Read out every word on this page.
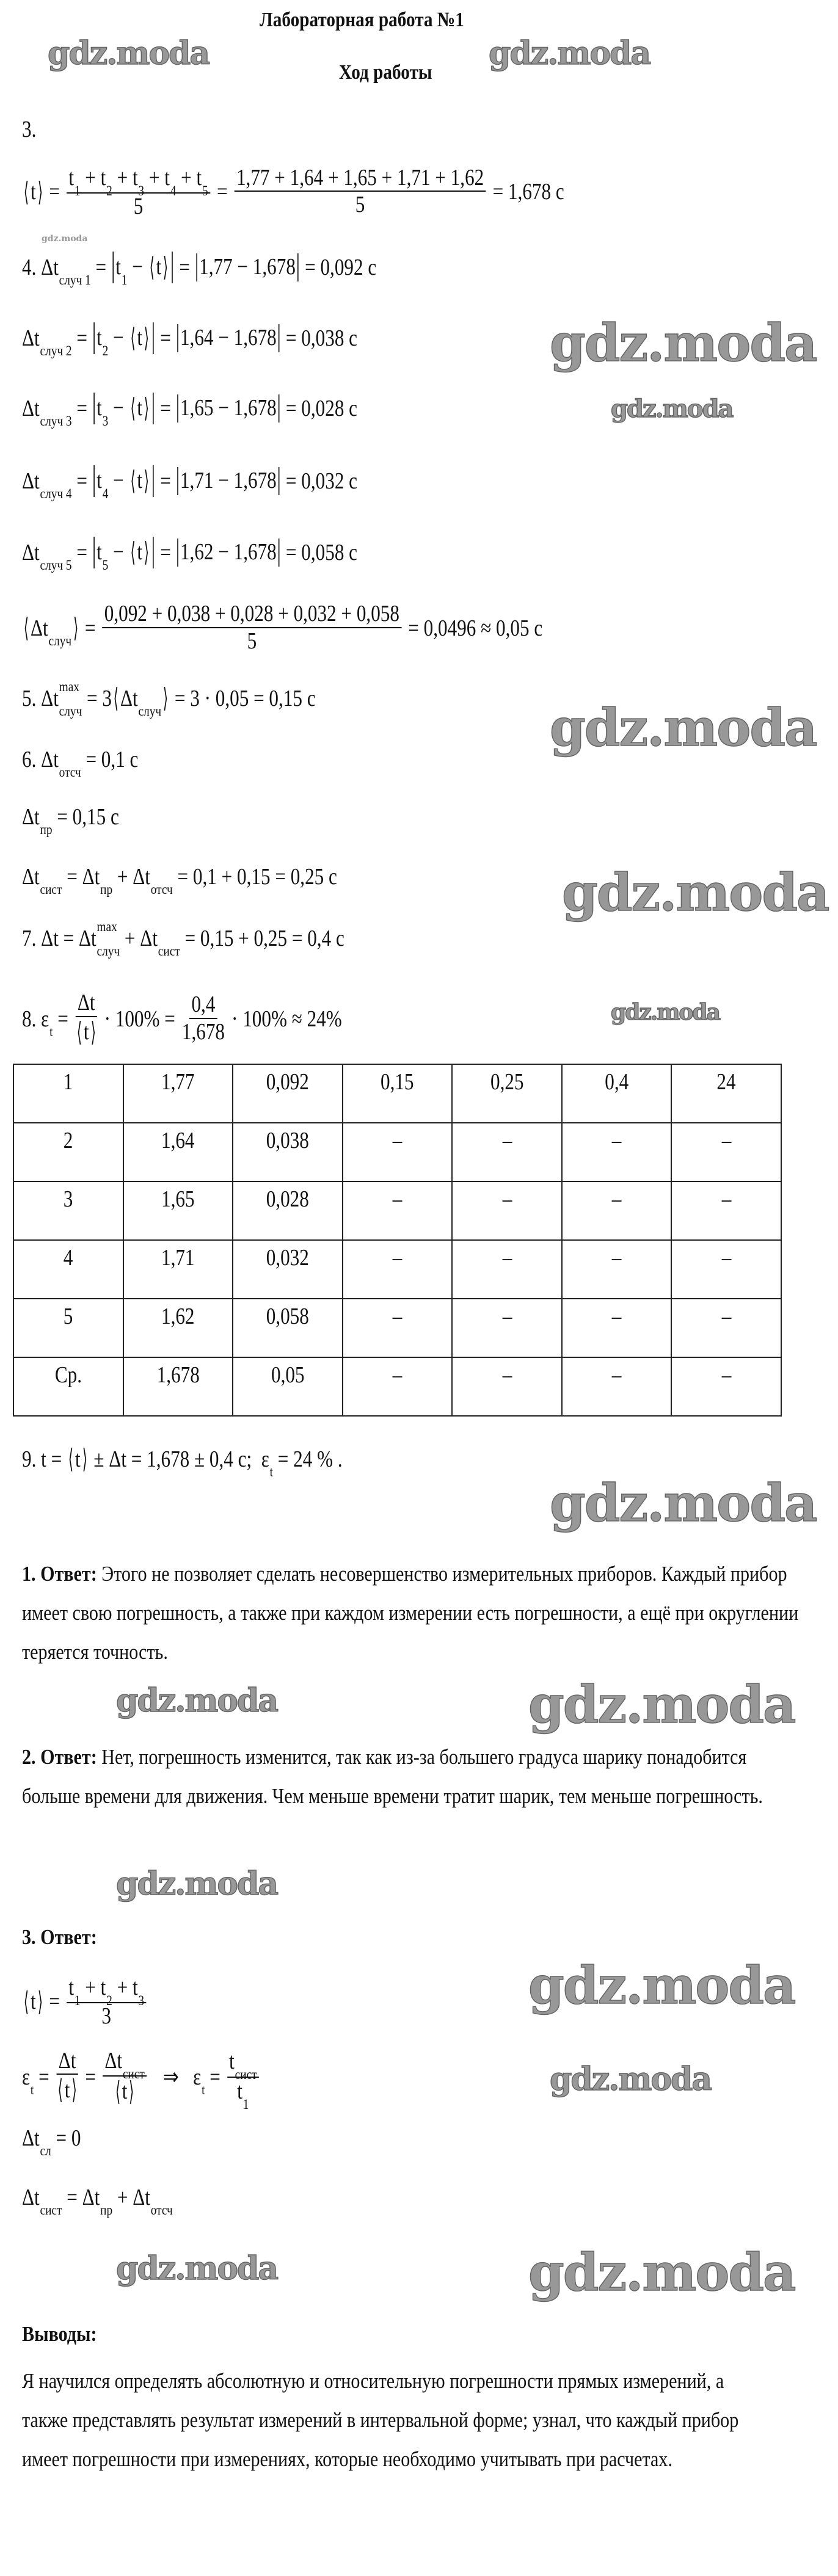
Лабораторная работа №1
Ход работы
3.
⟨ t ⟩ = t

1
+ t

2
+ t

3
+ t

4
+ t

5
$5 = \frac{1,77 + 1,64 + 1,65 + 1,71 + 1,62}{5} = 1,678$ с
4. Δt
случ 1 = t

1
− ⟨ t ⟩ = 1,77 − 1,678 = 0,092 с
Δt
случ 2 = t

2
− ⟨ t ⟩ = 1,64 − 1,678 = 0,038 с
Δt
случ 3 = t

3
− ⟨ t ⟩ = 1,65 − 1,678 = 0,028 с
Δt
случ 4 = t

4
− ⟨ t ⟩ = 1,71 − 1,678 = 0,032 с
Δt
случ 5 = t

5
− ⟨ t ⟩ = 1,62 − 1,678 = 0,058 с
⟨ Δt
случ ⟩ = $\frac{0,092 + 0,038 + 0,028 + 0,032 + 0,058}{5} = 0,0496 \approx 0,05$ с
5. Δt max
случ = 3 ⟨ Δt
случ ⟩ = 3 · 0,05 = 0,15 с
6. Δt
отсч = 0,1 с
Δt
пр = 0,15 с
Δt
сист = Δt
пр + Δt
отсч = 0,1 + 0,15 = 0,25 с
7. Δt = Δt max
случ + Δt
сист = 0,15 + 0,25 = 0,4 с
8. ε
$t = \frac{\Delta t}{⟨ t ⟩} \cdot 100\% = \frac{0,4}{1,678} \cdot 100\% \approx 24\%$
1	1,77	0,092	0,15	0,25	0,4	24
2	1,64	0,038	–	–	–	–
3	1,65	0,028	–	–	–	–
4	1,71	0,032	–	–	–	–
5	1,62	0,058	–	–	–	–
Ср.	1,678	0,05	–	–	–	–
9. t = ⟨ t ⟩ ± Δt = 1,678 ± 0,4 с; ε
t = 24 % .
1. Ответ: Этого не позволяет сделать несовершенство измерительных приборов. Каждый прибор имеет свою погрешность, а также при каждом измерении есть погрешности, а ещё при округлении теряется точность.
2. Ответ: Нет, погрешность изменится, так как из-за большего градуса шарику понадобится больше времени для движения. Чем меньше времени тратит шарик, тем меньше погрешность.
3. Ответ:
⟨ t ⟩ = t

1
+ t

2
+ t

3
3
ε
$t = \frac{\Delta t}{⟨ t ⟩} = \Delta t$

сист
⟨ t ⟩ ⇒ ε
t = t

сист
t

1
Δt
сл = 0
Δt
сист = Δt
пр + Δt
отсч
Выводы:
Я научился определять абсолютную и относительную погрешности прямых измерений, а также представлять результат измерений в интервальной форме; узнал, что каждый прибор имеет погрешности при измерениях, которые необходимо учитывать при расчетах.
gdz.moda	gdz.moda
gdz.moda
gdz.moda
gdz.moda
gdz.moda
gdz.moda
gdz.moda
gdz.moda
gdz.moda	gdz.moda
gdz.moda
gdz.moda
gdz.moda
gdz.moda
gdz.moda
